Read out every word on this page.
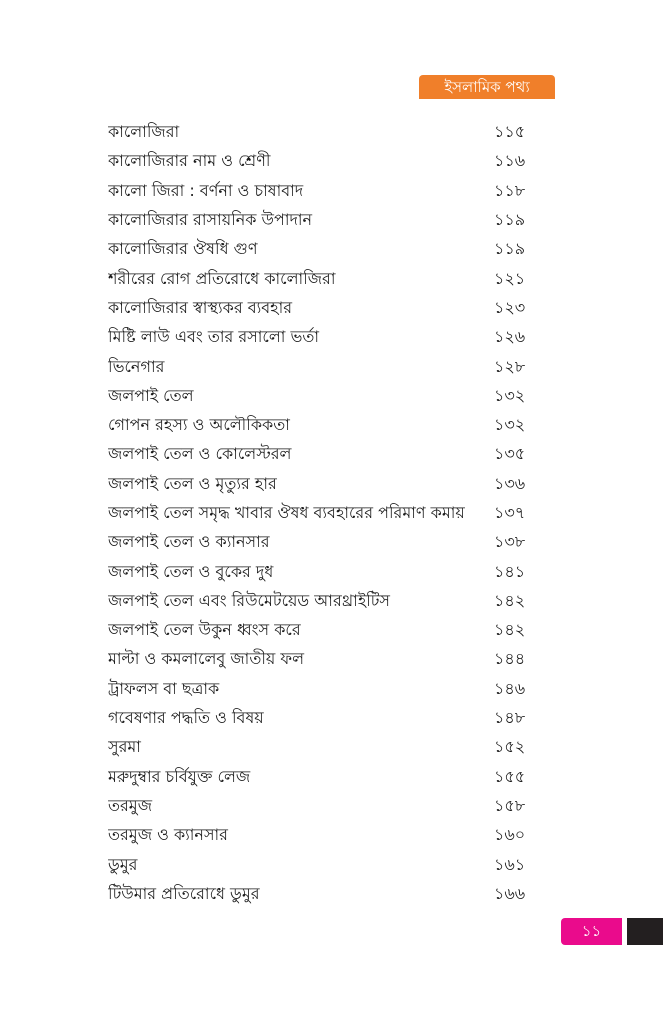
ইসলামিক পথ্য
কালোজিরা	১১৫
কালোজিরার নাম ও শ্রেণী	১১৬
কালো জিরা : বর্ণনা ও চাষাবাদ	১১৮
কালোজিরার রাসায়নিক উপাদান	১১৯
কালোজিরার ঔষধি গুণ	১১৯
শরীরের রোগ প্রতিরোধে কালোজিরা	১২১
কালোজিরার স্বাস্থ্যকর ব্যবহার	১২৩
মিষ্টি লাউ এবং তার রসালো ভর্তা	১২৬
ভিনেগার	১২৮
জলপাই তেল	১৩২
গোপন রহস্য ও অলৌকিকতা	১৩২
জলপাই তেল ও কোলেস্টরল	১৩৫
জলপাই তেল ও মৃত্যুর হার	১৩৬
জলপাই তেল সমৃদ্ধ খাবার ঔষধ ব্যবহারের পরিমাণ কমায়	১৩৭
জলপাই তেল ও ক্যানসার	১৩৮
জলপাই তেল ও বুকের দুধ	১৪১
জলপাই তেল এবং রিউমেটয়েড আরথ্রাইটিস	১৪২
জলপাই তেল উকুন ধ্বংস করে	১৪২
মাল্টা ও কমলালেবু জাতীয় ফল	১৪৪
ট্রাফলস বা ছত্রাক	১৪৬
গবেষণার পদ্ধতি ও বিষয়	১৪৮
সুরমা	১৫২
মরুদুম্বার চর্বিযুক্ত লেজ	১৫৫
তরমুজ	১৫৮
তরমুজ ও ক্যানসার	১৬০
ডুমুর	১৬১
টিউমার প্রতিরোধে ডুমুর	১৬৬
১১
